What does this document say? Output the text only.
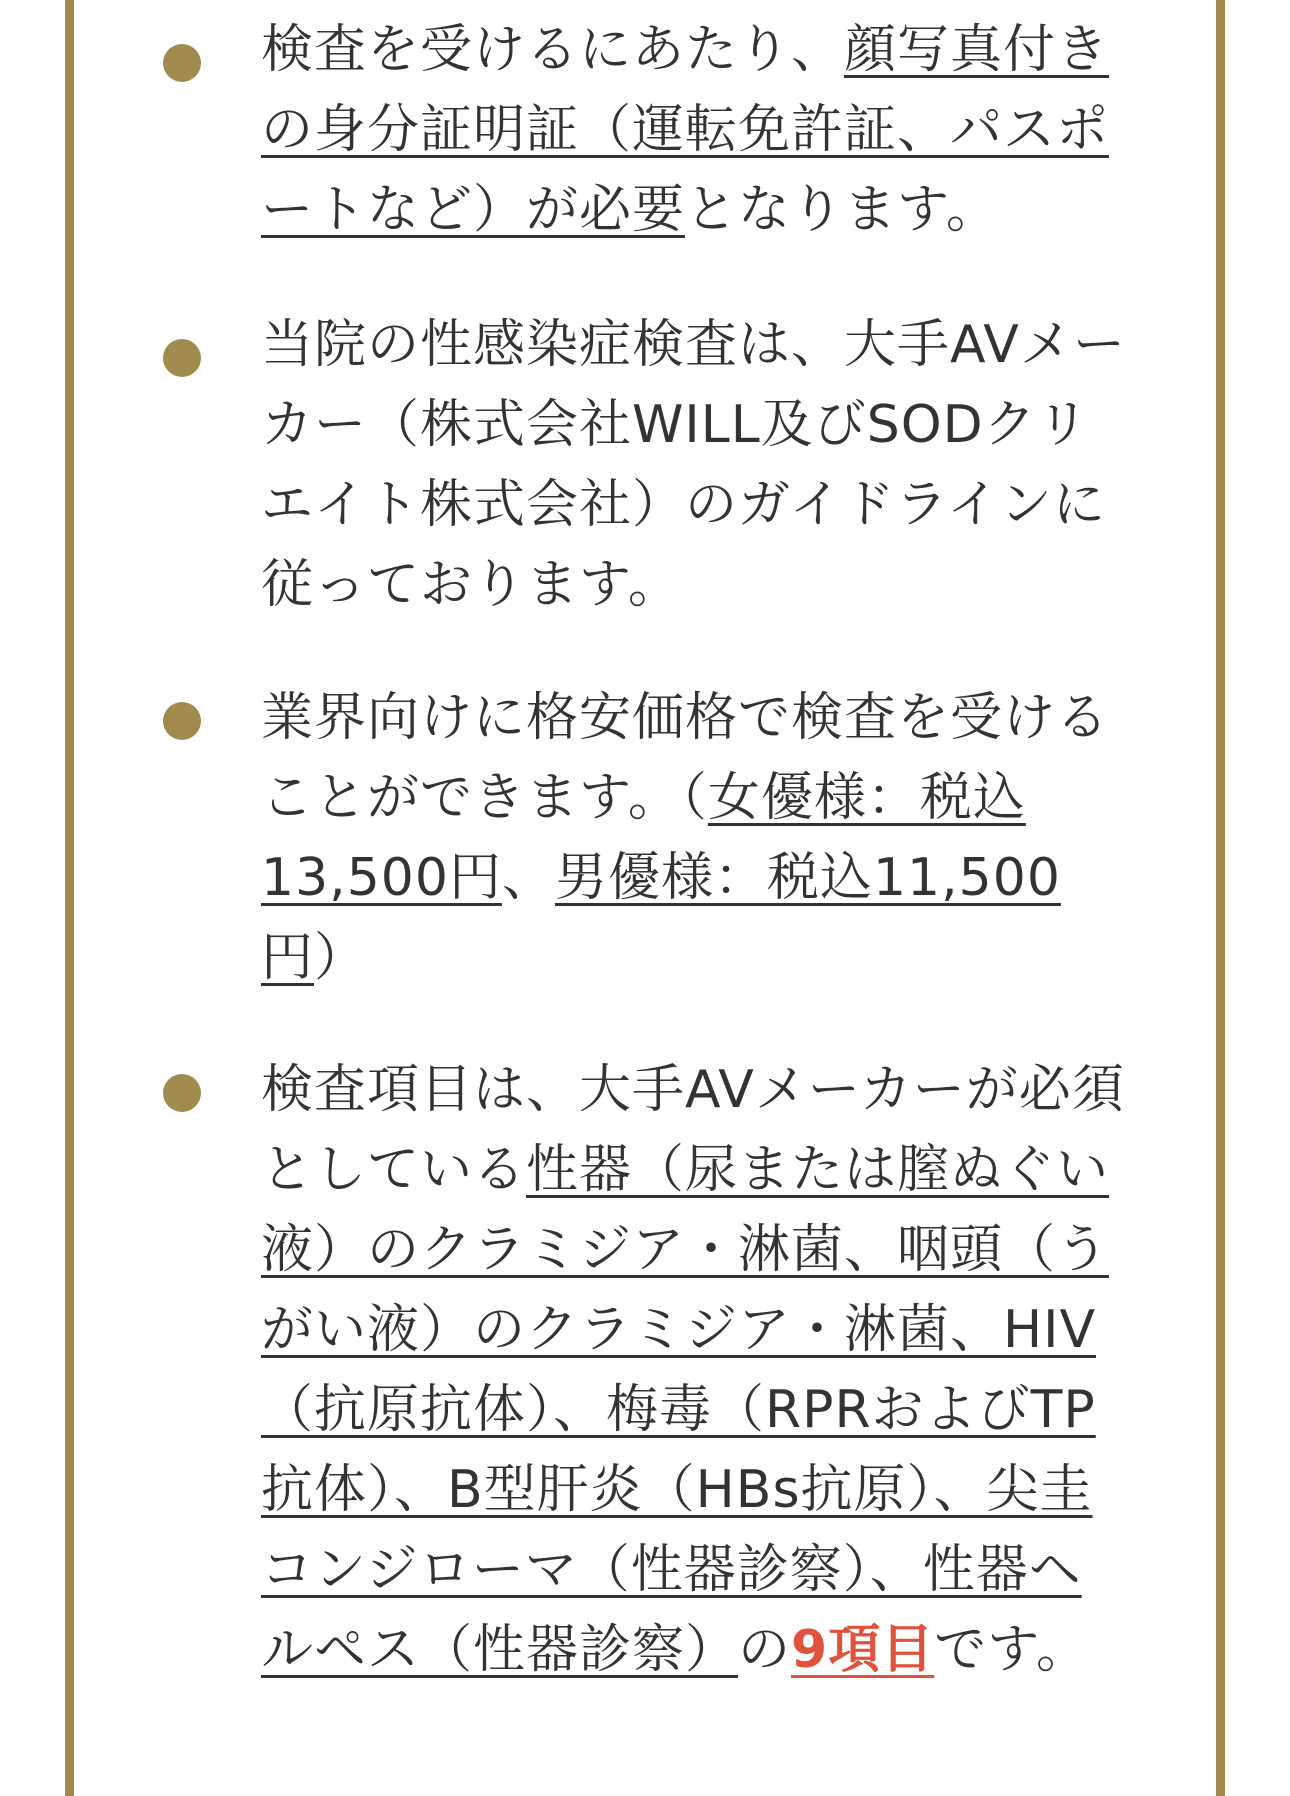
検査を受けるにあたり、顔写真付きの身分証明証（運転免許証、パスポートなど）が必要となります。

当院の性感染症検査は、大手AVメーカー（株式会社WILL及びSODクリエイト株式会社）のガイドラインに従っております。

業界向けに格安価格で検査を受けることができます。（女優様：税込13,500円、男優様：税込11,500円）

検査項目は、大手AVメーカーが必須としている性器（尿または膣ぬぐい液）のクラミジア・淋菌、咽頭（うがい液）のクラミジア・淋菌、HIV（抗原抗体）、梅毒（RPRおよびTP抗体）、B型肝炎（HBs抗原）、尖圭コンジローマ（性器診察）、性器ヘルペス（性器診察）の9項目です。
